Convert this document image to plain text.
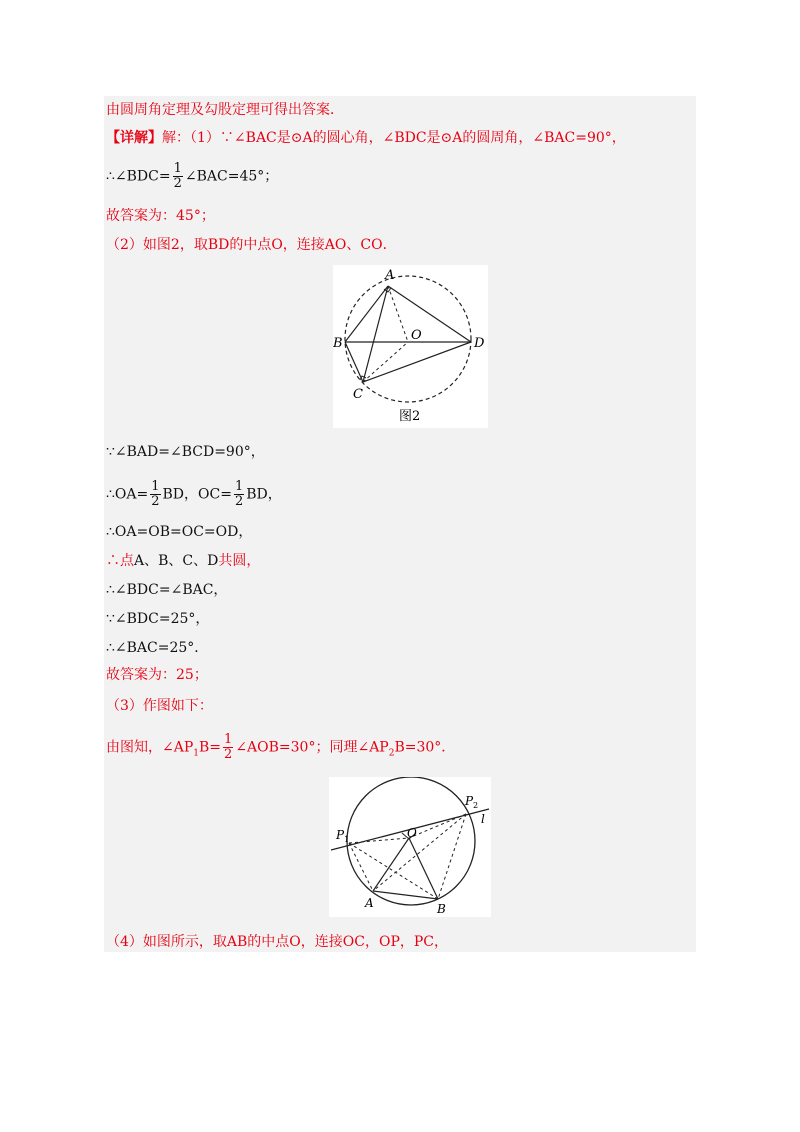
由圆周角定理及勾股定理可得出答案．
【详解】解：（1）∵∠BAC是⊙A的圆心角，∠BDC是⊙A的圆周角，∠BAC=90°，
∴∠BDC= $\frac{1}{2}$ ∠BAC=45°；
故答案为：45°；
（2）如图2，取BD的中点O，连接AO、CO．
A
B
C
D
O
图2
∵∠BAD=∠BCD=90°，
∴OA= $\frac{1}{2}$ BD，$OC= \frac{1}{2}$ BD，
∴OA=OB=OC=OD，
∴点A、B、C、D共圆，
∴∠BDC=∠BAC，
∵∠BDC=25°，
∴∠BAC=25°．
故答案为：25；
（3）作图如下：
由图知，$\angle AP_1B= \frac{1}{2}$ ∠AOB=30°；同理$\angle AP_2B=30^\circ$．
P 1
P 2
O
A	B
l
（4）如图所示，取AB的中点O，连接OC，OP，PC，
